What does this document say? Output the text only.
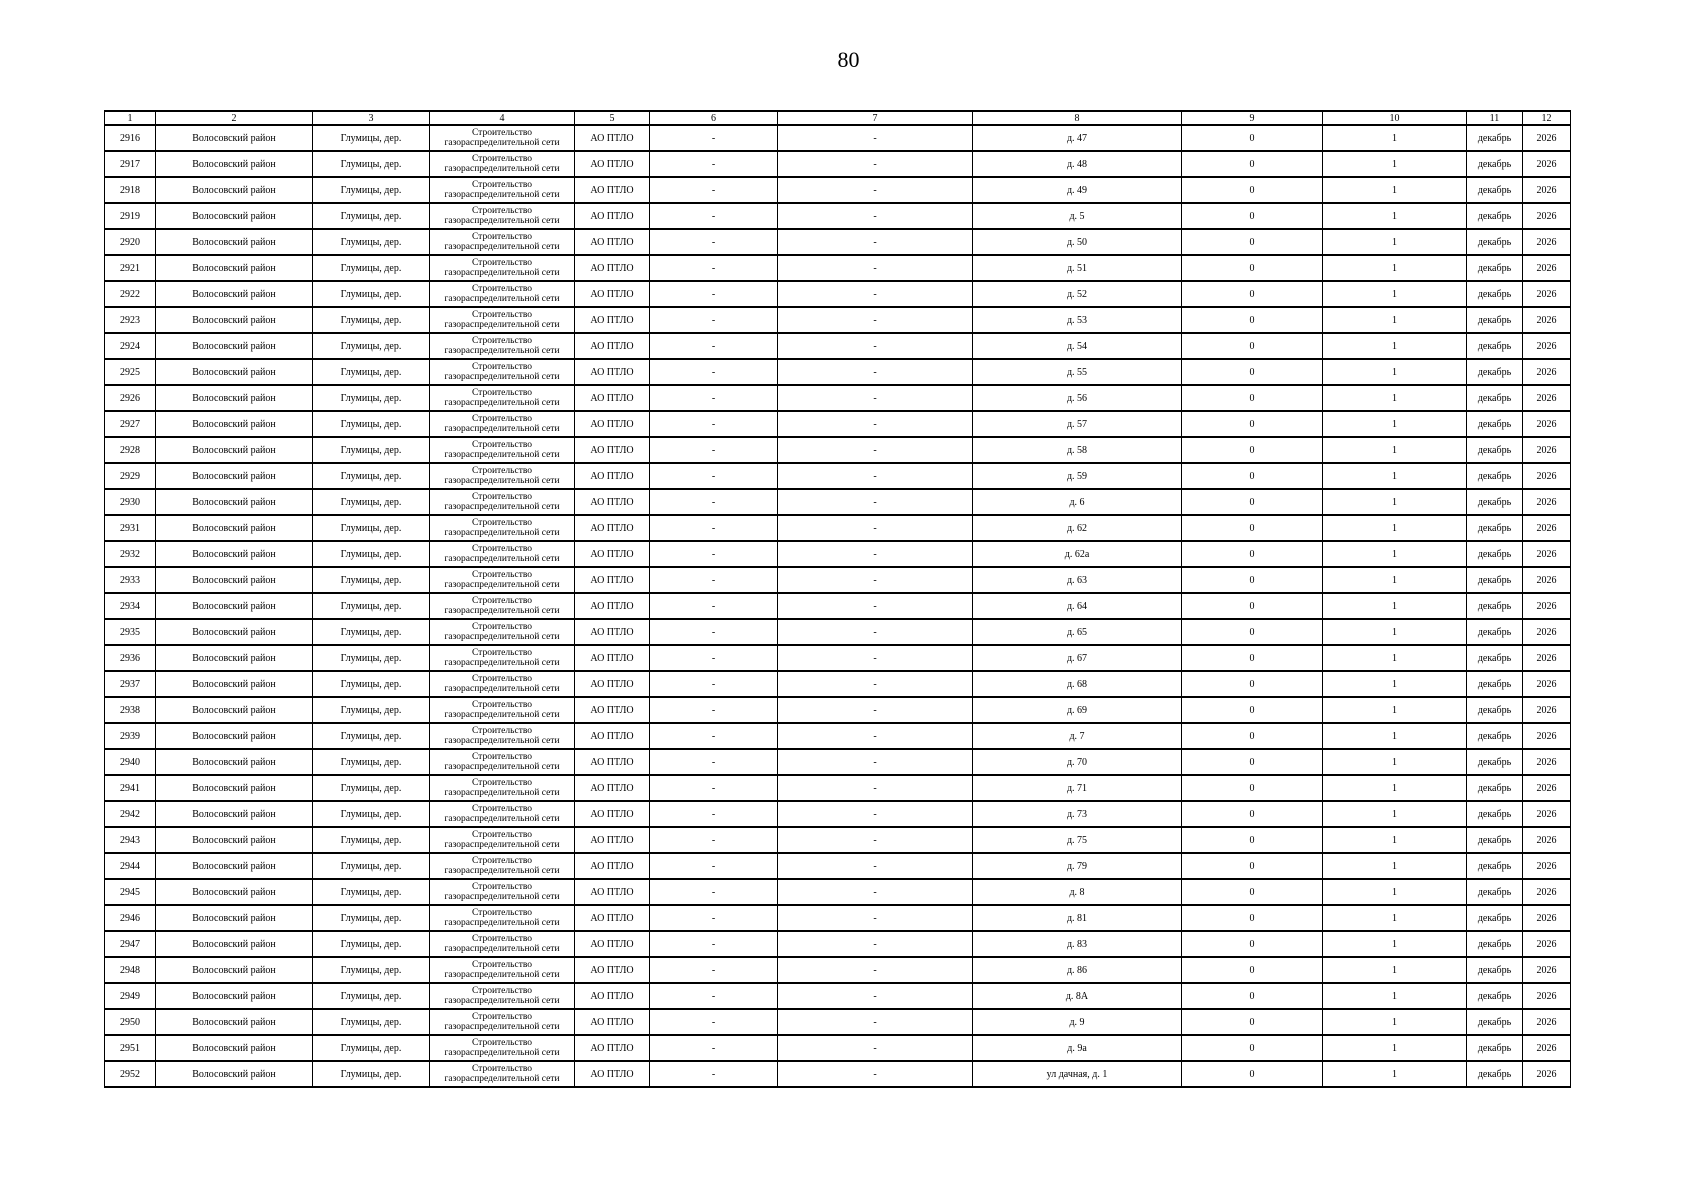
80
1	2	3	4	5	6	7	8	9	10	11	12
2916	Волосовский район	Глумицы, дер.	Строительство газораспределительной сети	АО ПТЛО	-	-	д. 47	0	1	декабрь	2026
2917	Волосовский район	Глумицы, дер.	Строительство газораспределительной сети	АО ПТЛО	-	-	д. 48	0	1	декабрь	2026
2918	Волосовский район	Глумицы, дер.	Строительство газораспределительной сети	АО ПТЛО	-	-	д. 49	0	1	декабрь	2026
2919	Волосовский район	Глумицы, дер.	Строительство газораспределительной сети	АО ПТЛО	-	-	д. 5	0	1	декабрь	2026
2920	Волосовский район	Глумицы, дер.	Строительство газораспределительной сети	АО ПТЛО	-	-	д. 50	0	1	декабрь	2026
2921	Волосовский район	Глумицы, дер.	Строительство газораспределительной сети	АО ПТЛО	-	-	д. 51	0	1	декабрь	2026
2922	Волосовский район	Глумицы, дер.	Строительство газораспределительной сети	АО ПТЛО	-	-	д. 52	0	1	декабрь	2026
2923	Волосовский район	Глумицы, дер.	Строительство газораспределительной сети	АО ПТЛО	-	-	д. 53	0	1	декабрь	2026
2924	Волосовский район	Глумицы, дер.	Строительство газораспределительной сети	АО ПТЛО	-	-	д. 54	0	1	декабрь	2026
2925	Волосовский район	Глумицы, дер.	Строительство газораспределительной сети	АО ПТЛО	-	-	д. 55	0	1	декабрь	2026
2926	Волосовский район	Глумицы, дер.	Строительство газораспределительной сети	АО ПТЛО	-	-	д. 56	0	1	декабрь	2026
2927	Волосовский район	Глумицы, дер.	Строительство газораспределительной сети	АО ПТЛО	-	-	д. 57	0	1	декабрь	2026
2928	Волосовский район	Глумицы, дер.	Строительство газораспределительной сети	АО ПТЛО	-	-	д. 58	0	1	декабрь	2026
2929	Волосовский район	Глумицы, дер.	Строительство газораспределительной сети	АО ПТЛО	-	-	д. 59	0	1	декабрь	2026
2930	Волосовский район	Глумицы, дер.	Строительство газораспределительной сети	АО ПТЛО	-	-	д. 6	0	1	декабрь	2026
2931	Волосовский район	Глумицы, дер.	Строительство газораспределительной сети	АО ПТЛО	-	-	д. 62	0	1	декабрь	2026
2932	Волосовский район	Глумицы, дер.	Строительство газораспределительной сети	АО ПТЛО	-	-	д. 62а	0	1	декабрь	2026
2933	Волосовский район	Глумицы, дер.	Строительство газораспределительной сети	АО ПТЛО	-	-	д. 63	0	1	декабрь	2026
2934	Волосовский район	Глумицы, дер.	Строительство газораспределительной сети	АО ПТЛО	-	-	д. 64	0	1	декабрь	2026
2935	Волосовский район	Глумицы, дер.	Строительство газораспределительной сети	АО ПТЛО	-	-	д. 65	0	1	декабрь	2026
2936	Волосовский район	Глумицы, дер.	Строительство газораспределительной сети	АО ПТЛО	-	-	д. 67	0	1	декабрь	2026
2937	Волосовский район	Глумицы, дер.	Строительство газораспределительной сети	АО ПТЛО	-	-	д. 68	0	1	декабрь	2026
2938	Волосовский район	Глумицы, дер.	Строительство газораспределительной сети	АО ПТЛО	-	-	д. 69	0	1	декабрь	2026
2939	Волосовский район	Глумицы, дер.	Строительство газораспределительной сети	АО ПТЛО	-	-	д. 7	0	1	декабрь	2026
2940	Волосовский район	Глумицы, дер.	Строительство газораспределительной сети	АО ПТЛО	-	-	д. 70	0	1	декабрь	2026
2941	Волосовский район	Глумицы, дер.	Строительство газораспределительной сети	АО ПТЛО	-	-	д. 71	0	1	декабрь	2026
2942	Волосовский район	Глумицы, дер.	Строительство газораспределительной сети	АО ПТЛО	-	-	д. 73	0	1	декабрь	2026
2943	Волосовский район	Глумицы, дер.	Строительство газораспределительной сети	АО ПТЛО	-	-	д. 75	0	1	декабрь	2026
2944	Волосовский район	Глумицы, дер.	Строительство газораспределительной сети	АО ПТЛО	-	-	д. 79	0	1	декабрь	2026
2945	Волосовский район	Глумицы, дер.	Строительство газораспределительной сети	АО ПТЛО	-	-	д. 8	0	1	декабрь	2026
2946	Волосовский район	Глумицы, дер.	Строительство газораспределительной сети	АО ПТЛО	-	-	д. 81	0	1	декабрь	2026
2947	Волосовский район	Глумицы, дер.	Строительство газораспределительной сети	АО ПТЛО	-	-	д. 83	0	1	декабрь	2026
2948	Волосовский район	Глумицы, дер.	Строительство газораспределительной сети	АО ПТЛО	-	-	д. 86	0	1	декабрь	2026
2949	Волосовский район	Глумицы, дер.	Строительство газораспределительной сети	АО ПТЛО	-	-	д. 8А	0	1	декабрь	2026
2950	Волосовский район	Глумицы, дер.	Строительство газораспределительной сети	АО ПТЛО	-	-	д. 9	0	1	декабрь	2026
2951	Волосовский район	Глумицы, дер.	Строительство газораспределительной сети	АО ПТЛО	-	-	д. 9а	0	1	декабрь	2026
2952	Волосовский район	Глумицы, дер.	Строительство газораспределительной сети	АО ПТЛО	-	-	ул дачная, д. 1	0	1	декабрь	2026
